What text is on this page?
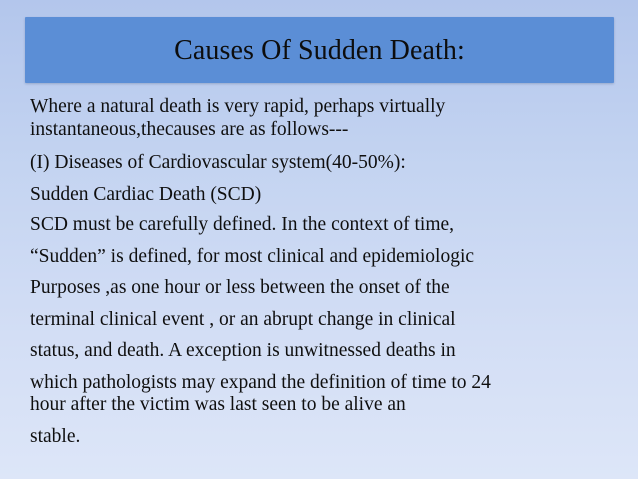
Causes Of Sudden Death:
Where a natural death is very rapid, perhaps virtually
instantaneous,thecauses are as follows---
(I) Diseases of Cardiovascular system(40-50%):
Sudden Cardiac Death (SCD)
SCD must be carefully defined. In the context of time,
“Sudden” is defined, for most clinical and epidemiologic
Purposes ,as one hour or less between the onset of the
terminal clinical event , or an abrupt change in clinical
status, and death. A exception is unwitnessed deaths in
which pathologists may expand the definition of time to 24
hour after the victim was last seen to be alive an
stable.
